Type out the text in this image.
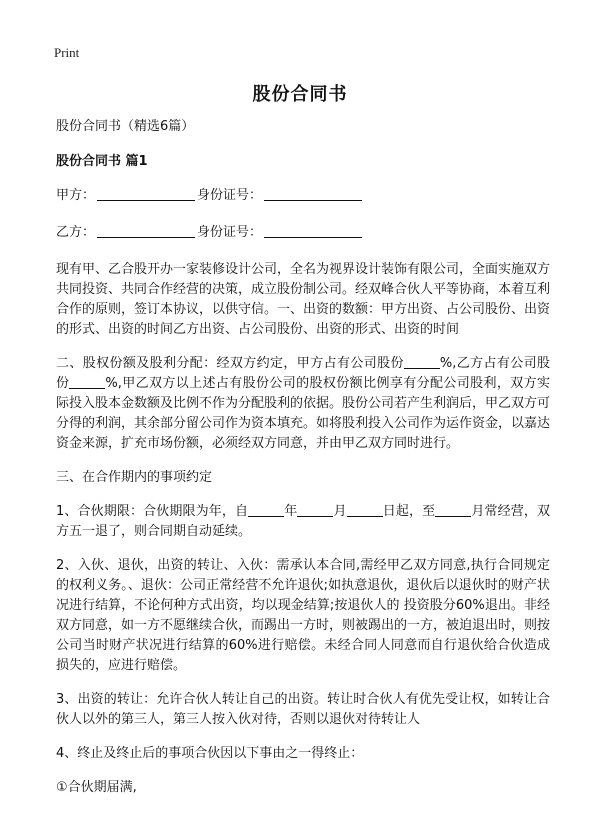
Print
股份合同书

股份合同书（精选6篇）

股份合同书 篇1

甲方：	身份证号：

乙方：	身份证号：

现有甲、乙合股开办一家装修设计公司，全名为视界设计装饰有限公司，全面实施双方共同投资、共同合作经营的决策，成立股份制公司。经双峰合伙人平等协商，本着互利合作的原则，签订本协议，以供守信。一、出资的数额：甲方出资、占公司股份、出资的形式、出资的时间乙方出资、占公司股份、出资的形式、出资的时间

二、股权份额及股利分配：经双方约定，甲方占有公司股份	%,乙方占有公司股份	%,甲乙双方以上述占有股份公司的股权份额比例享有分配公司股利，双方实际投入股本金数额及比例不作为分配股利的依据。股份公司若产生利润后，甲乙双方可分得的利润，其余部分留公司作为资本填充。如将股利投入公司作为运作资金，以嘉达资金来源，扩充市场份额，必须经双方同意，并由甲乙双方同时进行。

三、在合作期内的事项约定

1、合伙期限：合伙期限为年，自	年	月	日起，至	月常经营，双方五一退了，则合同期自动延续。

2、入伙、退伙，出资的转让、入伙：需承认本合同,需经甲乙双方同意,执行合同规定的权利义务。、退伙：公司正常经营不允许退伙;如执意退伙，退伙后以退伙时的财产状况进行结算，不论何种方式出资，均以现金结算;按退伙人的 投资股分60%退出。非经双方同意，如一方不愿继续合伙，而踢出一方时，则被踢出的一方，被迫退出时，则按公司当时财产状况进行结算的60%进行赔偿。未经合同人同意而自行退伙给合伙造成损失的，应进行赔偿。

3、出资的转让：允许合伙人转让自己的出资。转让时合伙人有优先受让权，如转让合伙人以外的第三人，第三人按入伙对待，否则以退伙对待转让人

4、终止及终止后的事项合伙因以下事由之一得终止：

①合伙期届满,
